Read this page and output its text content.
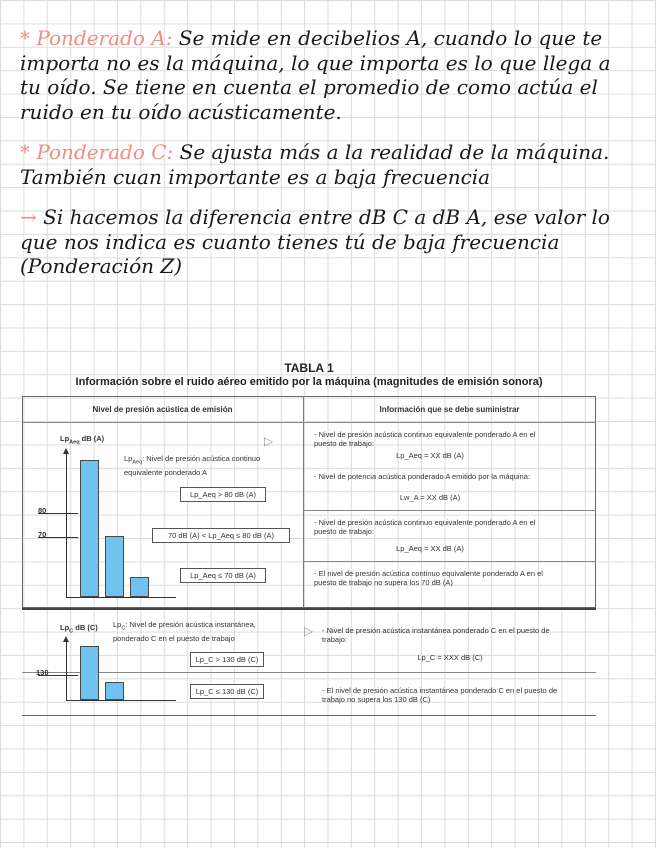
* Ponderado A: Se mide en decibelios A, cuando lo que te importa no es la máquina, lo que importa es lo que llega a tu oído. Se tiene en cuenta el promedio de como actúa el ruido en tu oído acústicamente.
* Ponderado C: Se ajusta más a la realidad de la máquina. También cuan importante es a baja frecuencia
→ Si hacemos la diferencia entre dB C a dB A, ese valor lo que nos indica es cuanto tienes tú de baja frecuencia (Ponderación Z)
TABLA 1
Información sobre el ruido aéreo emitido por la máquina (magnitudes de emisión sonora)
Nivel de presión acústica de emisión	Información que se debe suministrar
$Lp_{Aeq}$ dB (A)
80
70
$Lp_{Aeq}$: Nivel de presión acústica continuo equivalente ponderado A
▷
Lp_Aeq > 80 dB (A)
70 dB (A) < Lp_Aeq ≤ 80 dB (A)
Lp_Aeq ≤ 70 dB (A)
- Nivel de presión acústica continuo equivalente ponderado A en el puesto de trabajo:
Lp_Aeq = XX dB (A)
- Nivel de potencia acústica ponderado A emitido por la máquina:
Lw_A = XX dB (A)
- Nivel de presión acústica continuo equivalente ponderado A en el puesto de trabajo:
Lp_Aeq = XX dB (A)
- El nivel de presión acústica continuo equivalente ponderado A en el puesto de trabajo no supera los 70 dB (A)
$Lp_C$ dB (C)
130
$Lp_C$: Nivel de presión acústica instantánea, ponderado C en el puesto de trabajo	▷
Lp_C > 130 dB (C)
Lp_C ≤ 130 dB (C)
- Nivel de presión acústica instantánea ponderado C en el puesto de trabajo:
Lp_C = XXX dB (C)
- El nivel de presión acústica instantánea ponderado C en el puesto de trabajo no supera los 130 dB (C)
